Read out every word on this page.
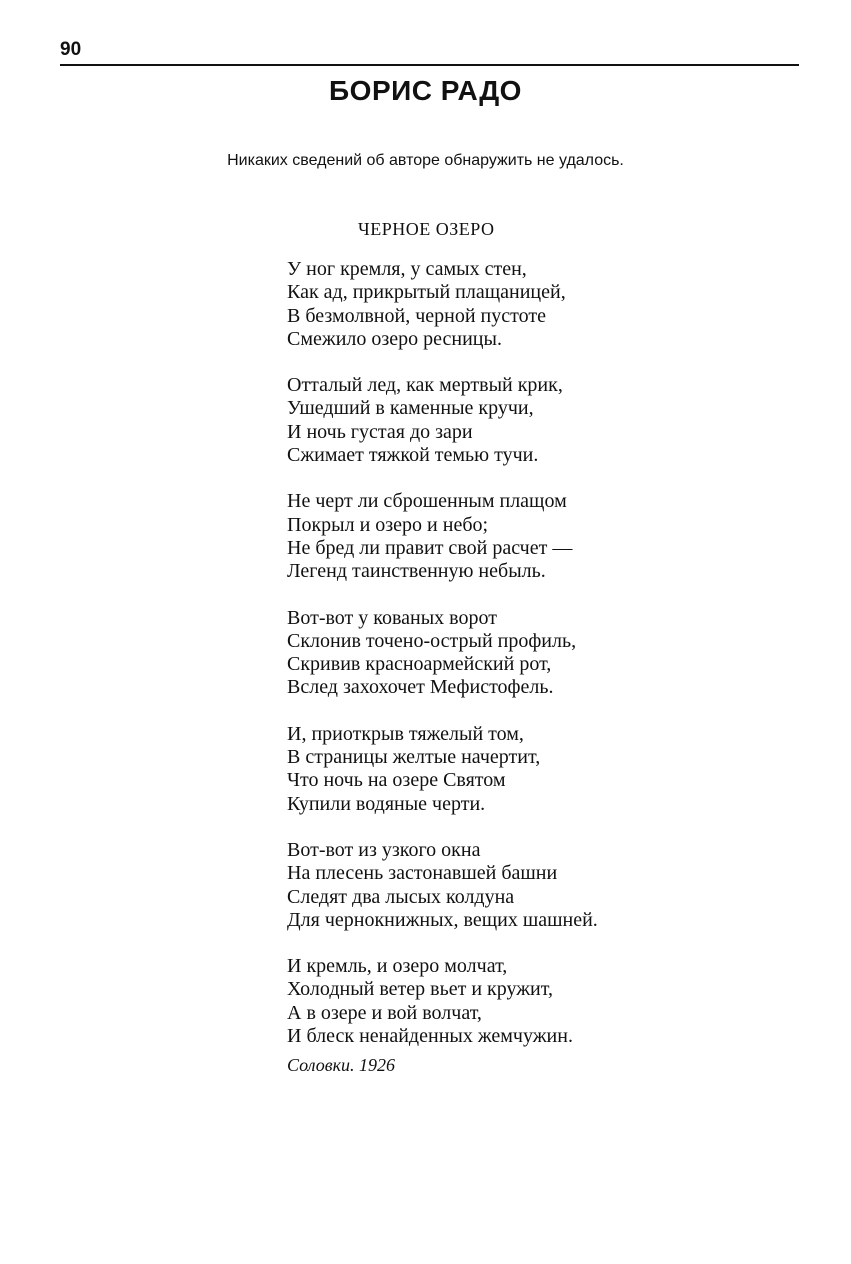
90
БОРИС РАДО
Никаких сведений об авторе обнаружить не удалось.
ЧЕРНОЕ ОЗЕРО
У ног кремля, у самых стен,
Как ад, прикрытый плащаницей,
В безмолвной, черной пустоте
Смежило озеро ресницы.
Отталый лед, как мертвый крик,
Ушедший в каменные кручи,
И ночь густая до зари
Сжимает тяжкой темью тучи.
Не черт ли сброшенным плащом
Покрыл и озеро и небо;
Не бред ли правит свой расчет —
Легенд таинственную небыль.
Вот-вот у кованых ворот
Склонив точено-острый профиль,
Скривив красноармейский рот,
Вслед захохочет Мефистофель.
И, приоткрыв тяжелый том,
В страницы желтые начертит,
Что ночь на озере Святом
Купили водяные черти.
Вот-вот из узкого окна
На плесень застонавшей башни
Следят два лысых колдуна
Для чернокнижных, вещих шашней.
И кремль, и озеро молчат,
Холодный ветер вьет и кружит,
А в озере и вой волчат,
И блеск ненайденных жемчужин.
Соловки. 1926
